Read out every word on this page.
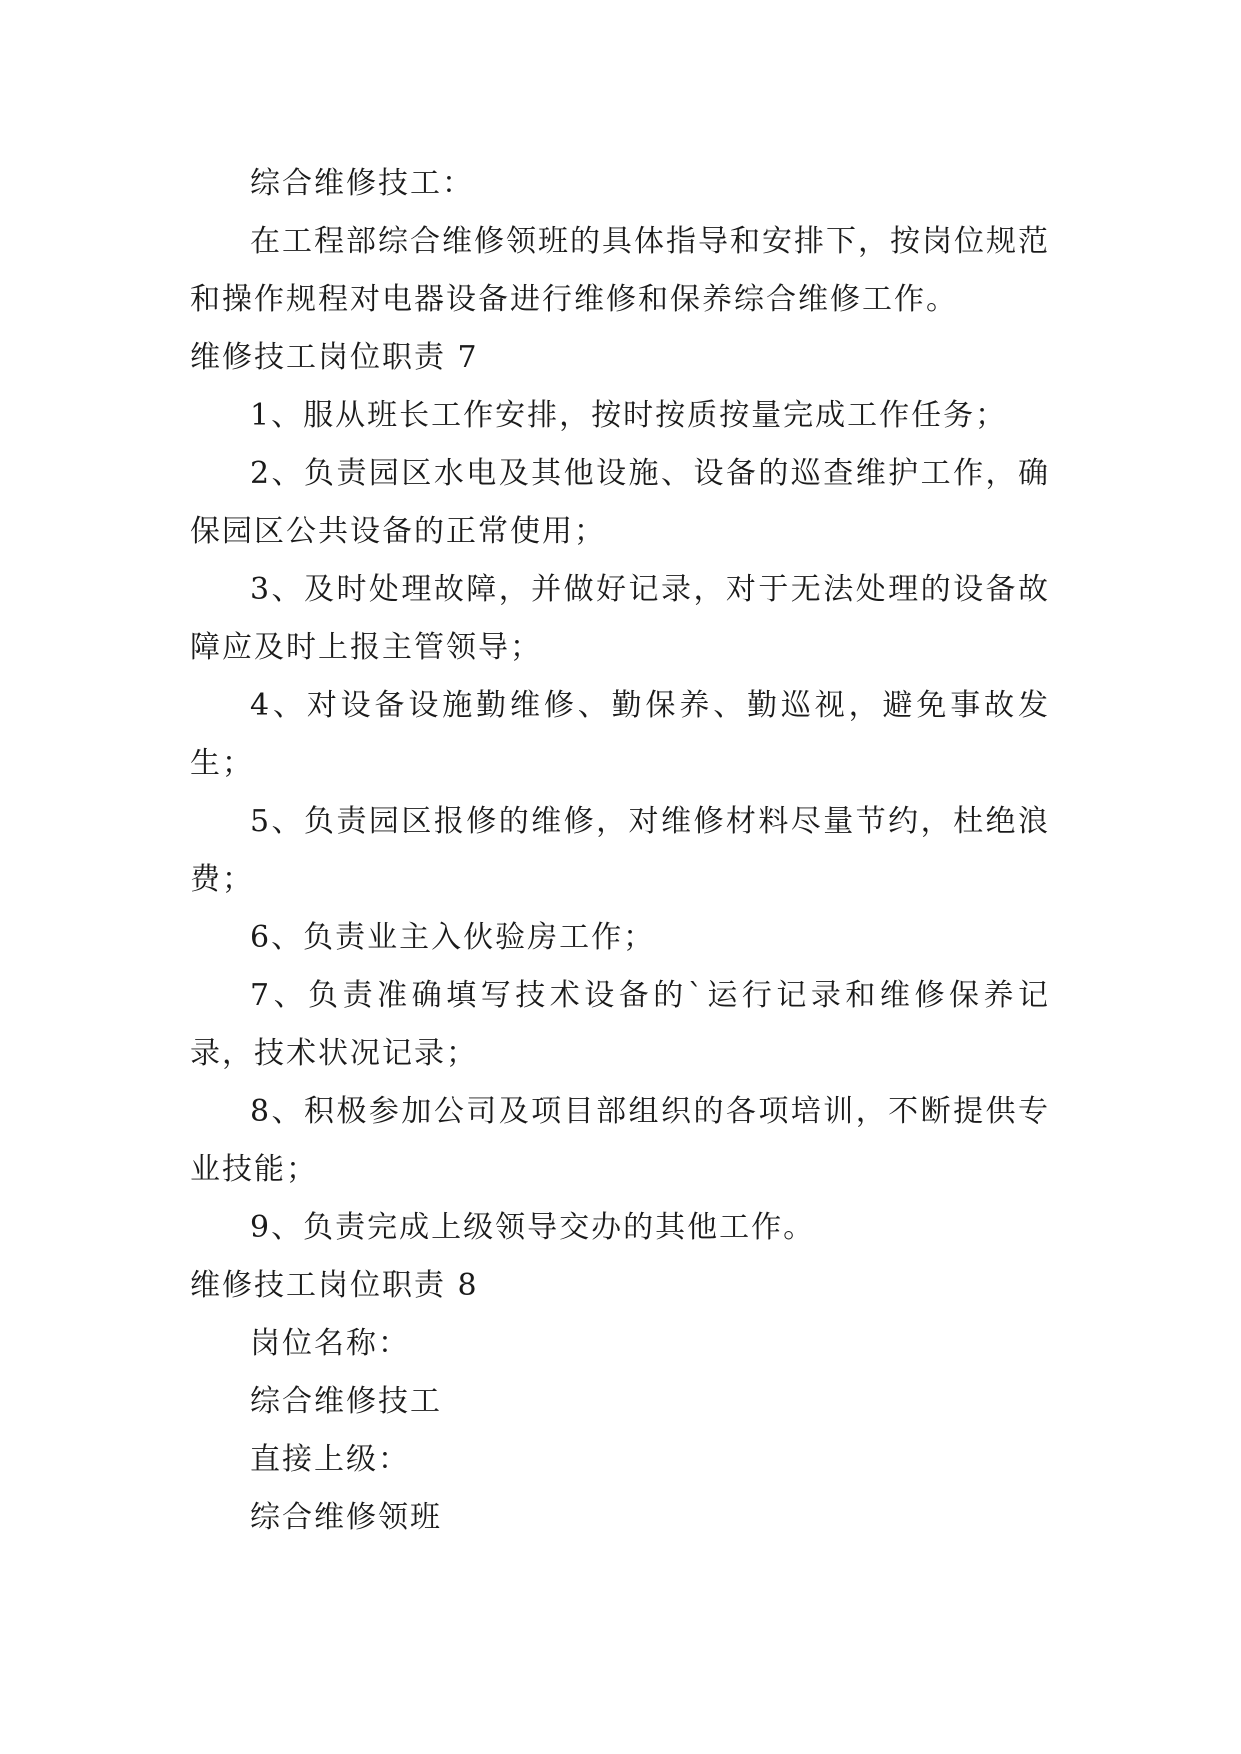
综合维修技工：

在工程部综合维修领班的具体指导和安排下，按岗位规范和操作规程对电器设备进行维修和保养综合维修工作。

维修技工岗位职责 7

1、服从班长工作安排，按时按质按量完成工作任务；

2、负责园区水电及其他设施、设备的巡查维护工作，确保园区公共设备的正常使用；

3、及时处理故障，并做好记录，对于无法处理的设备故障应及时上报主管领导；

4、对设备设施勤维修、勤保养、勤巡视，避免事故发生；

5、负责园区报修的维修，对维修材料尽量节约，杜绝浪费；

6、负责业主入伙验房工作；

7、负责准确填写技术设备的`运行记录和维修保养记录，技术状况记录；

8、积极参加公司及项目部组织的各项培训，不断提供专业技能；

9、负责完成上级领导交办的其他工作。

维修技工岗位职责 8

岗位名称：

综合维修技工

直接上级：

综合维修领班
